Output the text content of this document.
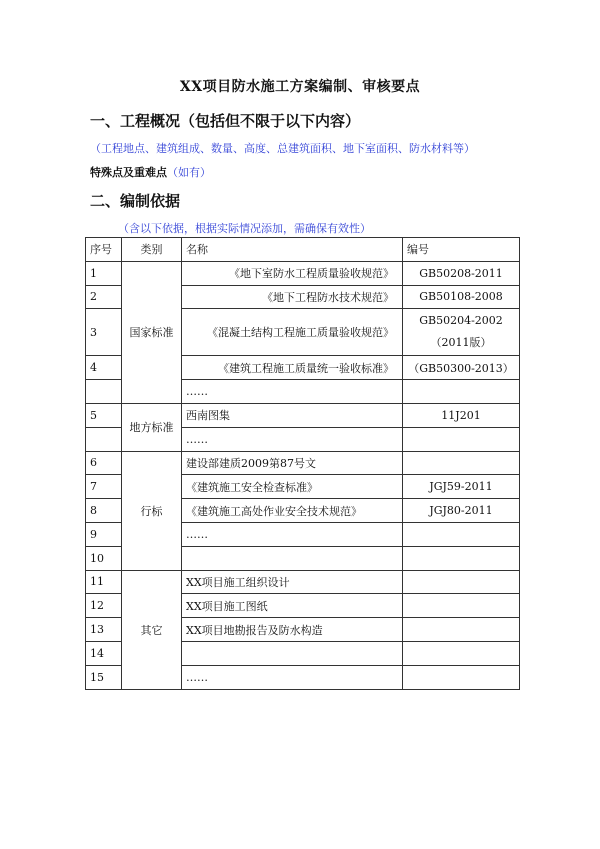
XX项目防水施工方案编制、审核要点
一、工程概况（包括但不限于以下内容）
（工程地点、建筑组成、数量、高度、总建筑面积、地下室面积、防水材料等）
特殊点及重难点（如有）
二、编制依据
（含以下依据，根据实际情况添加，需确保有效性）
序号	类别	名称	编号
1	国家标准	《地下室防水工程质量验收规范》	GB50208-2011
2		《地下工程防水技术规范》	GB50108-2008
3		《混凝土结构工程施工质量验收规范》	GB50204-2002
（2011版）

4		《建筑工程施工质量统一验收标准》	（GB50300-2013）
		……	
5	地方标准	西南图集	11J201
		……	
6	行标	建设部建质2009第87号文	
7		《建筑施工安全检查标准》	JGJ59-2011
8		《建筑施工高处作业安全技术规范》	JGJ80-2011
9		……	
10			
11	其它	XX项目施工组织设计	
12		XX项目施工图纸	
13		XX项目地勘报告及防水构造	
14			
15		……	
